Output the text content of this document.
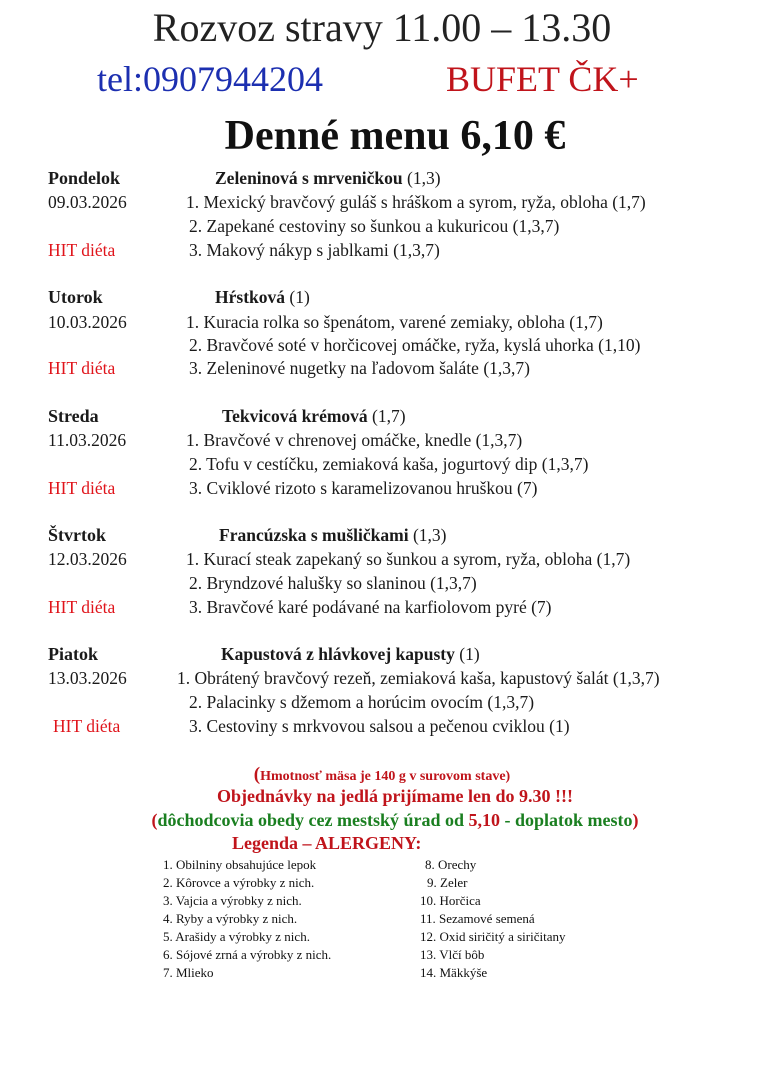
Rozvoz stravy 11.00 – 13.30
tel:0907944204	BUFET ČK+
Denné menu 6,10 €
Pondelok	Zeleninová s mrveničkou (1,3)
09.03.2026	1. Mexický bravčový guláš s hráškom a syrom, ryža, obloha (1,7)
2. Zapekané cestoviny so šunkou a kukuricou (1,3,7)
HIT diéta	3. Makový nákyp s jablkami (1,3,7)
Utorok	Hŕstková (1)
10.03.2026	1. Kuracia rolka so špenátom, varené zemiaky, obloha (1,7)
2. Bravčové soté v horčicovej omáčke, ryža, kyslá uhorka (1,10)
HIT diéta	3. Zeleninové nugetky na ľadovom šaláte (1,3,7)
Streda	Tekvicová krémová (1,7)
11.03.2026	1. Bravčové v chrenovej omáčke, knedle (1,3,7)
2. Tofu v cestíčku, zemiaková kaša, jogurtový dip (1,3,7)
HIT diéta	3. Cviklové rizoto s karamelizovanou hruškou (7)
Štvrtok	Francúzska s mušličkami (1,3)
12.03.2026	1. Kurací steak zapekaný so šunkou a syrom, ryža, obloha (1,7)
2. Bryndzové halušky so slaninou (1,3,7)
HIT diéta	3. Bravčové karé podávané na karfiolovom pyré (7)
Piatok	Kapustová z hlávkovej kapusty (1)
13.03.2026	1. Obrátený bravčový rezeň, zemiaková kaša, kapustový šalát (1,3,7)
2. Palacinky s džemom a horúcim ovocím (1,3,7)
HIT diéta	3. Cestoviny s mrkvovou salsou a pečenou cviklou (1)
(Hmotnosť mäsa je 140 g v surovom stave)
Objednávky na jedlá prijímame len do 9.30 !!!
(dôchodcovia obedy cez mestský úrad od 5,10 - doplatok mesto)
Legenda – ALERGENY:
1. Obilniny obsahujúce lepok
2. Kôrovce a výrobky z nich.
3. Vajcia a výrobky z nich.
4. Ryby a výrobky z nich.
5. Arašidy a výrobky z nich.
6. Sójové zrná a výrobky z nich.
7. Mlieko
8. Orechy
9. Zeler
10. Horčica
11. Sezamové semená
12. Oxid siričitý a siričitany
13. Vlčí bôb
14. Mäkkýše
